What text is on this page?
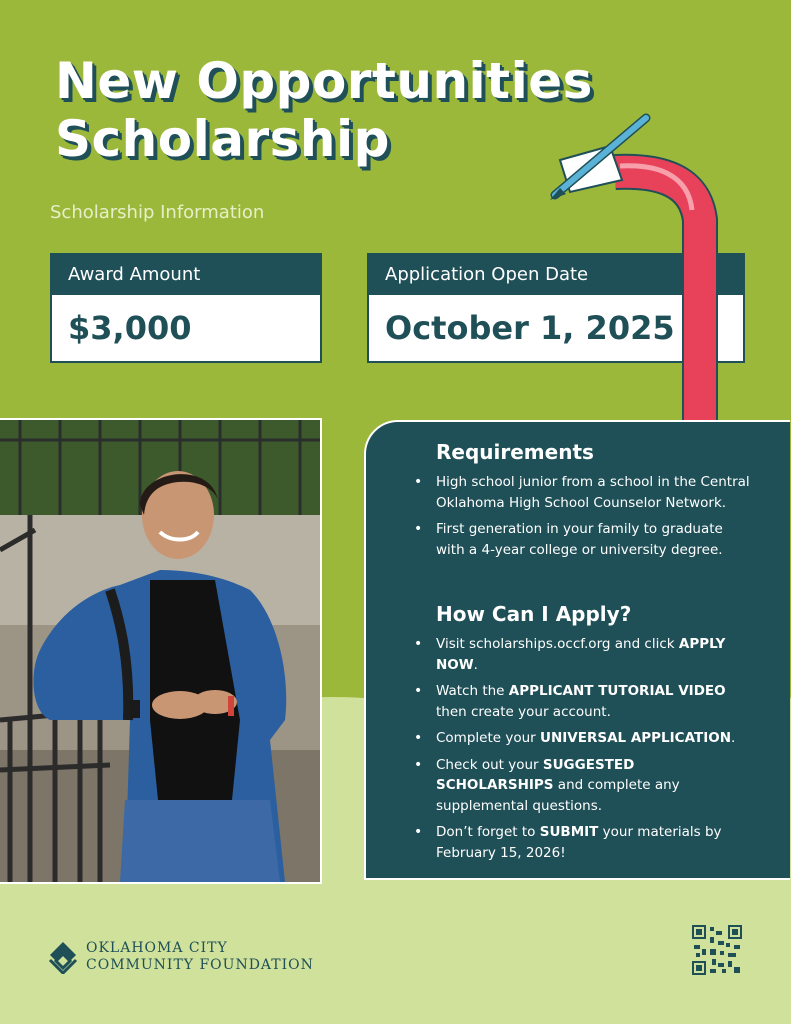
New Opportunities
Scholarship
Scholarship Information
Award Amount
$3,000
Application Open Date
October 1, 2025
Requirements
• High school junior from a school in the Central Oklahoma High School Counselor Network.
• First generation in your family to graduate with a 4-year college or university degree.
How Can I Apply?
• Visit scholarships.occf.org and click APPLY NOW.
• Watch the APPLICANT TUTORIAL VIDEO then create your account.
• Complete your UNIVERSAL APPLICATION.
• Check out your SUGGESTED SCHOLARSHIPS and complete any supplemental questions.
• Don’t forget to SUBMIT your materials by February 15, 2026!
OKLAHOMA CITY
COMMUNITY FOUNDATION
